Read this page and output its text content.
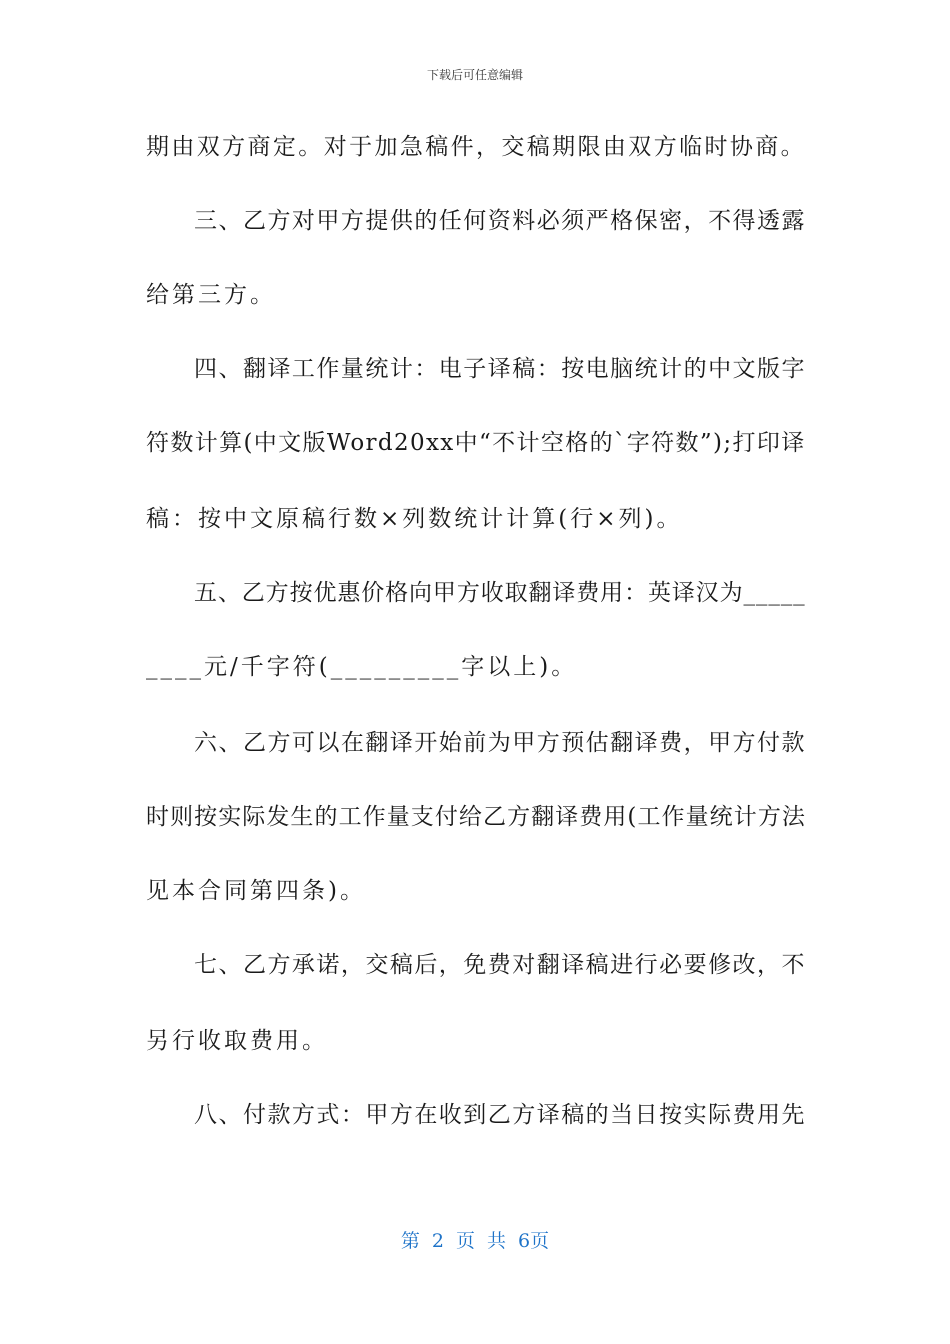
下载后可任意编辑
期由双方商定。对于加急稿件，交稿期限由双方临时协商。
三、乙方对甲方提供的任何资料必须严格保密，不得透露
给第三方。
四、翻译工作量统计：电子译稿：按电脑统计的中文版字
符数计算(中文版Word20xx中“不计空格的`字符数”);打印译
稿：按中文原稿行数×列数统计计算(行×列)。
五、乙方按优惠价格向甲方收取翻译费用：英译汉为_____
____元/千字符(_________字以上)。
六、乙方可以在翻译开始前为甲方预估翻译费，甲方付款
时则按实际发生的工作量支付给乙方翻译费用(工作量统计方法
见本合同第四条)。
七、乙方承诺，交稿后，免费对翻译稿进行必要修改，不
另行收取费用。
八、付款方式：甲方在收到乙方译稿的当日按实际费用先
第 2 页 共 6页
